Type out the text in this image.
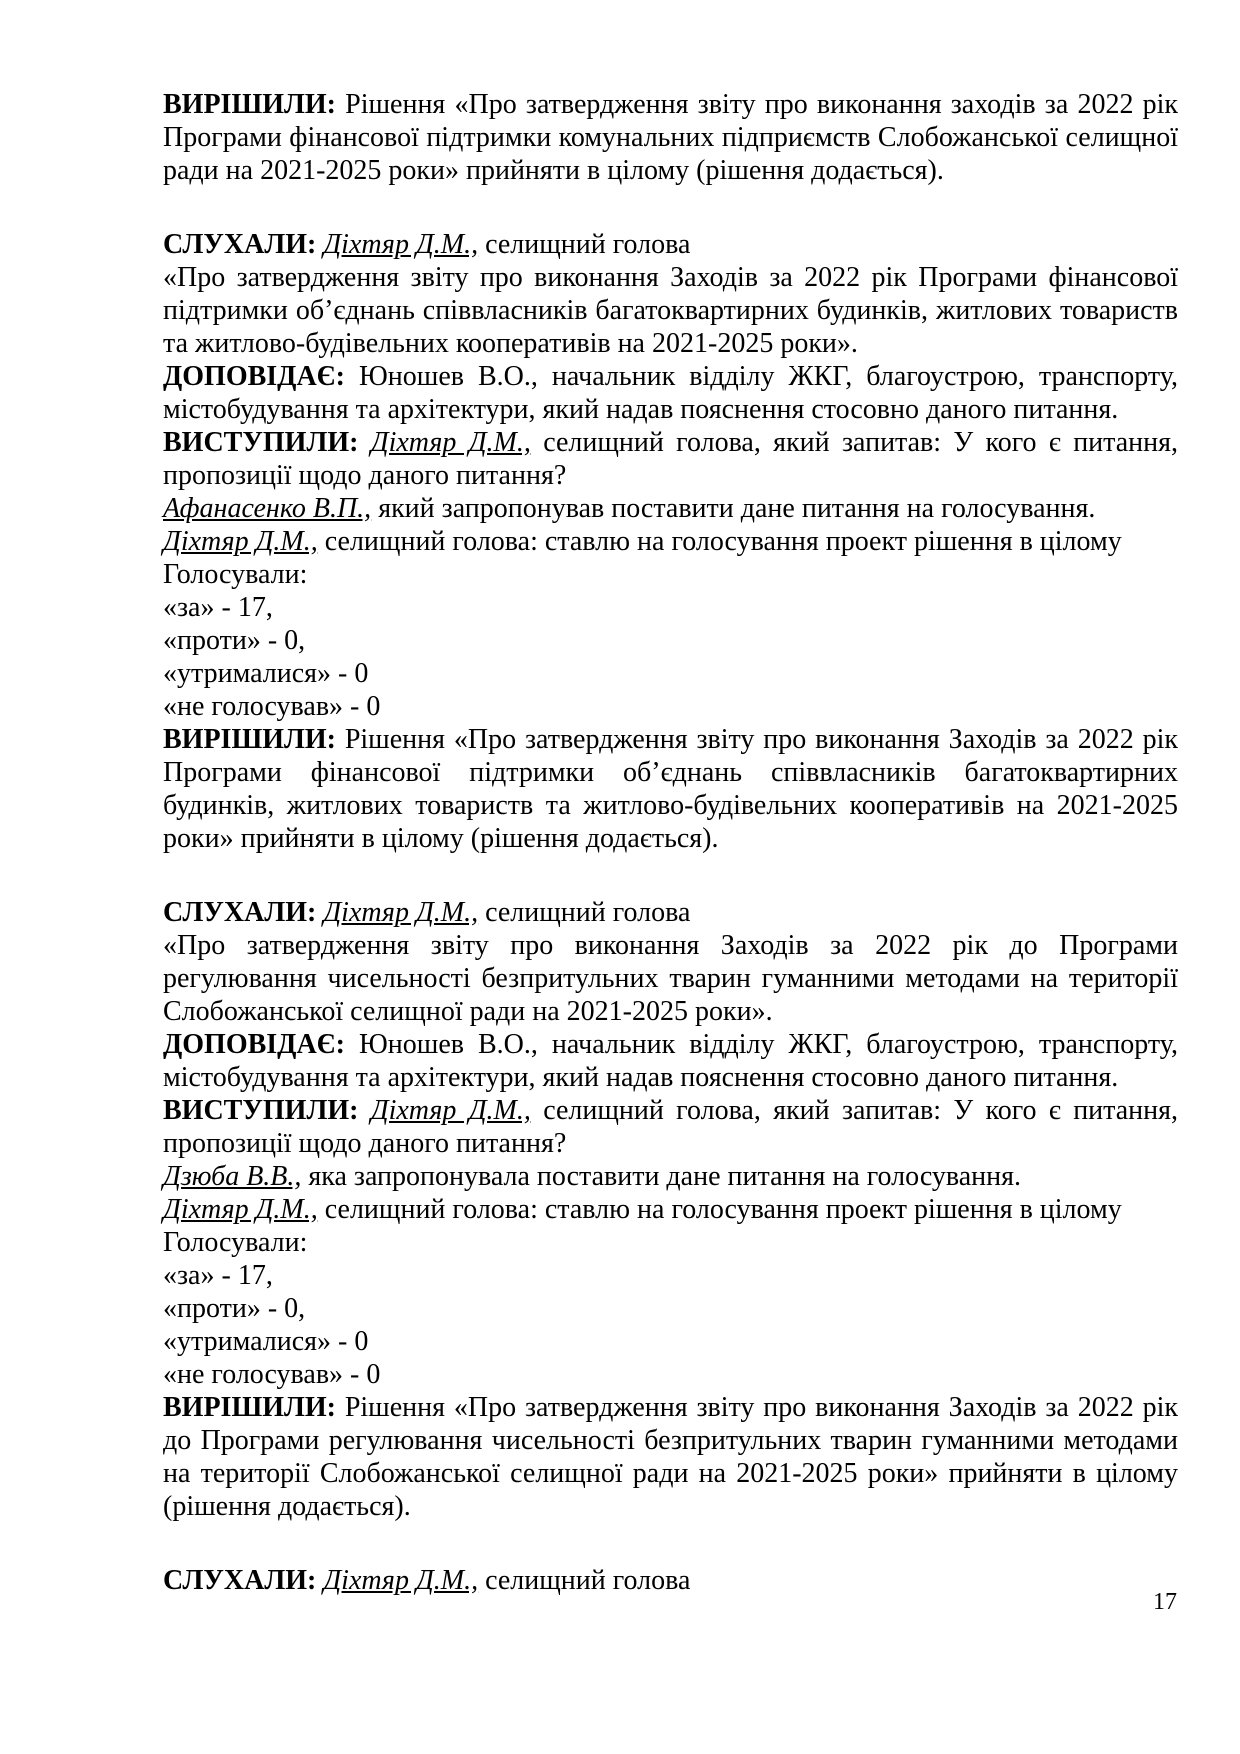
ВИРІШИЛИ: Рішення «Про затвердження звіту про виконання заходів за 2022 рік Програми фінансової підтримки комунальних підприємств Слобожанської селищної ради на 2021-2025 роки» прийняти в цілому (рішення додається).

СЛУХАЛИ: Діхтяр Д.М., селищний голова

«Про затвердження звіту про виконання Заходів за 2022 рік Програми фінансової підтримки об’єднань співвласників багатоквартирних будинків, житлових товариств та житлово-будівельних кооперативів на 2021-2025 роки».

ДОПОВІДАЄ: Юношев В.О., начальник відділу ЖКГ, благоустрою, транспорту, містобудування та архітектури, який надав пояснення стосовно даного питання.

ВИСТУПИЛИ: Діхтяр Д.М., селищний голова, який запитав: У кого є питання, пропозиції щодо даного питання?

Афанасенко В.П., який запропонував поставити дане питання на голосування.

Діхтяр Д.М., селищний голова: ставлю на голосування проект рішення в цілому

Голосували:

«за» - 17,

«проти» - 0,

«утрималися» - 0

«не голосував» - 0

ВИРІШИЛИ: Рішення «Про затвердження звіту про виконання Заходів за 2022 рік Програми фінансової підтримки об’єднань співвласників багатоквартирних будинків, житлових товариств та житлово-будівельних кооперативів на 2021-2025 роки» прийняти в цілому (рішення додається).

СЛУХАЛИ: Діхтяр Д.М., селищний голова

«Про затвердження звіту про виконання Заходів за 2022 рік до Програми регулювання чисельності безпритульних тварин гуманними методами на території Слобожанської селищної ради на 2021-2025 роки».

ДОПОВІДАЄ: Юношев В.О., начальник відділу ЖКГ, благоустрою, транспорту, містобудування та архітектури, який надав пояснення стосовно даного питання.

ВИСТУПИЛИ: Діхтяр Д.М., селищний голова, який запитав: У кого є питання, пропозиції щодо даного питання?

Дзюба В.В., яка запропонувала поставити дане питання на голосування.

Діхтяр Д.М., селищний голова: ставлю на голосування проект рішення в цілому

Голосували:

«за» - 17,

«проти» - 0,

«утрималися» - 0

«не голосував» - 0

ВИРІШИЛИ: Рішення «Про затвердження звіту про виконання Заходів за 2022 рік до Програми регулювання чисельності безпритульних тварин гуманними методами на території Слобожанської селищної ради на 2021-2025 роки» прийняти в цілому (рішення додається).

СЛУХАЛИ: Діхтяр Д.М., селищний голова

17
